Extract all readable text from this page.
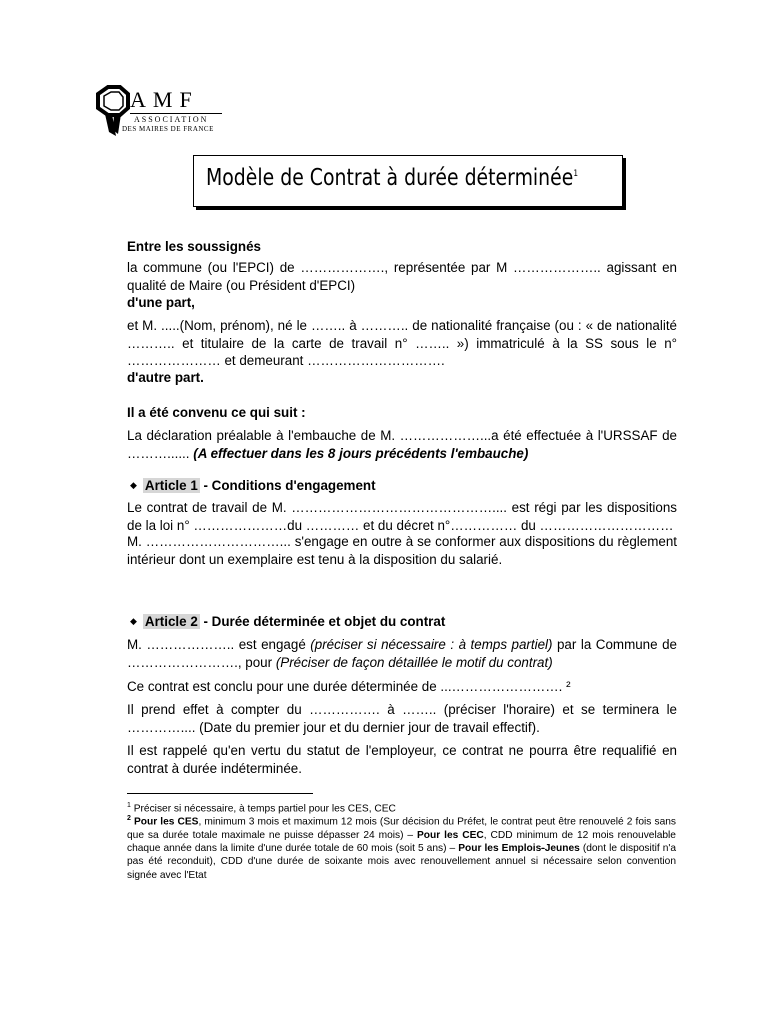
AMF
ASSOCIATION
DES MAIRES DE FRANCE
Modèle de Contrat à durée déterminée$^1$
Entre les soussignés
la commune (ou l'EPCI) de ………………., représentée par M ……………….. agissant en qualité de Maire (ou Président d'EPCI)
d'une part,
et M. .....(Nom, prénom), né le …….. à ……….. de nationalité française (ou : « de nationalité ……….. et titulaire de la carte de travail n° …….. ») immatriculé à la SS sous le n° ………………… et demeurant ………………………….
d'autre part.
Il a été convenu ce qui suit :
La déclaration préalable à l'embauche de M. ………………...a été effectuée à l'URSSAF de ………...... (A effectuer dans les 8 jours précédents l'embauche)
◆ Article 1 - Conditions d'engagement
Le contrat de travail de M. ……………………………………….... est régi par les dispositions de la loi n° …………………du ………… et du décret n°…………… du …………………………
M. …………………………... s'engage en outre à se conformer aux dispositions du règlement intérieur dont un exemplaire est tenu à la disposition du salarié.
◆ Article 2 - Durée déterminée et objet du contrat
M. ……………….. est engagé (préciser si nécessaire : à temps partiel) par la Commune de ……………………., pour (Préciser de façon détaillée le motif du contrat)
Ce contrat est conclu pour une durée déterminée de ...……………………. ²
Il prend effet à compter du ……………. à …….. (préciser l'horaire) et se terminera le ………….... (Date du premier jour et du dernier jour de travail effectif).
Il est rappelé qu'en vertu du statut de l'employeur, ce contrat ne pourra être requalifié en contrat à durée indéterminée.
$^1$ Préciser si nécessaire, à temps partiel pour les CES, CEC
$^2$ Pour les CES, minimum 3 mois et maximum 12 mois (Sur décision du Préfet, le contrat peut être renouvelé 2 fois sans que sa durée totale maximale ne puisse dépasser 24 mois) – Pour les CEC, CDD minimum de 12 mois renouvelable chaque année dans la limite d'une durée totale de 60 mois (soit 5 ans) – Pour les Emplois-Jeunes (dont le dispositif n'a pas été reconduit), CDD d'une durée de soixante mois avec renouvellement annuel si nécessaire selon convention signée avec l'Etat
